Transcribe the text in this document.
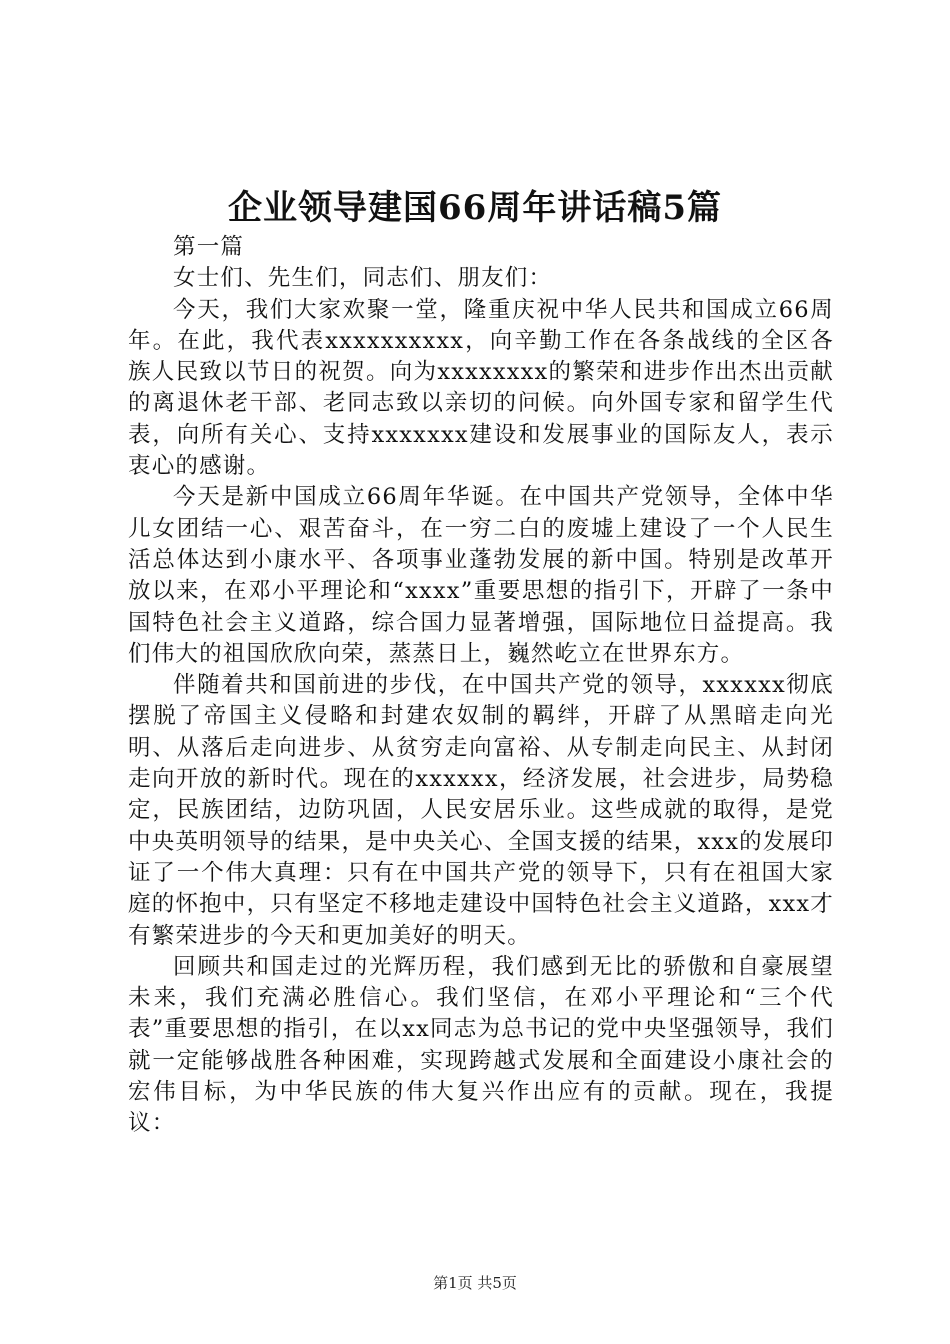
企业领导建国66周年讲话稿5篇

第一篇

女士们、先生们，同志们、朋友们：

今天，我们大家欢聚一堂，隆重庆祝中华人民共和国成立66周年。在此，我代表xxxxxxxxxx，向辛勤工作在各条战线的全区各族人民致以节日的祝贺。向为xxxxxxxx的繁荣和进步作出杰出贡献的离退休老干部、老同志致以亲切的问候。向外国专家和留学生代表，向所有关心、支持xxxxxxx建设和发展事业的国际友人，表示衷心的感谢。

今天是新中国成立66周年华诞。在中国共产党领导，全体中华儿女团结一心、艰苦奋斗，在一穷二白的废墟上建设了一个人民生活总体达到小康水平、各项事业蓬勃发展的新中国。特别是改革开放以来，在邓小平理论和“xxxx”重要思想的指引下，开辟了一条中国特色社会主义道路，综合国力显著增强，国际地位日益提高。我们伟大的祖国欣欣向荣，蒸蒸日上，巍然屹立在世界东方。

伴随着共和国前进的步伐，在中国共产党的领导，xxxxxx彻底摆脱了帝国主义侵略和封建农奴制的羁绊，开辟了从黑暗走向光明、从落后走向进步、从贫穷走向富裕、从专制走向民主、从封闭走向开放的新时代。现在的xxxxxx，经济发展，社会进步，局势稳定，民族团结，边防巩固，人民安居乐业。这些成就的取得，是党中央英明领导的结果，是中央关心、全国支援的结果，xxx的发展印证了一个伟大真理：只有在中国共产党的领导下，只有在祖国大家庭的怀抱中，只有坚定不移地走建设中国特色社会主义道路，xxx才有繁荣进步的今天和更加美好的明天。

回顾共和国走过的光辉历程，我们感到无比的骄傲和自豪展望未来，我们充满必胜信心。我们坚信，在邓小平理论和“三个代表”重要思想的指引，在以xx同志为总书记的党中央坚强领导，我们就一定能够战胜各种困难，实现跨越式发展和全面建设小康社会的宏伟目标，为中华民族的伟大复兴作出应有的贡献。现在，我提议：

第1页 共5页
